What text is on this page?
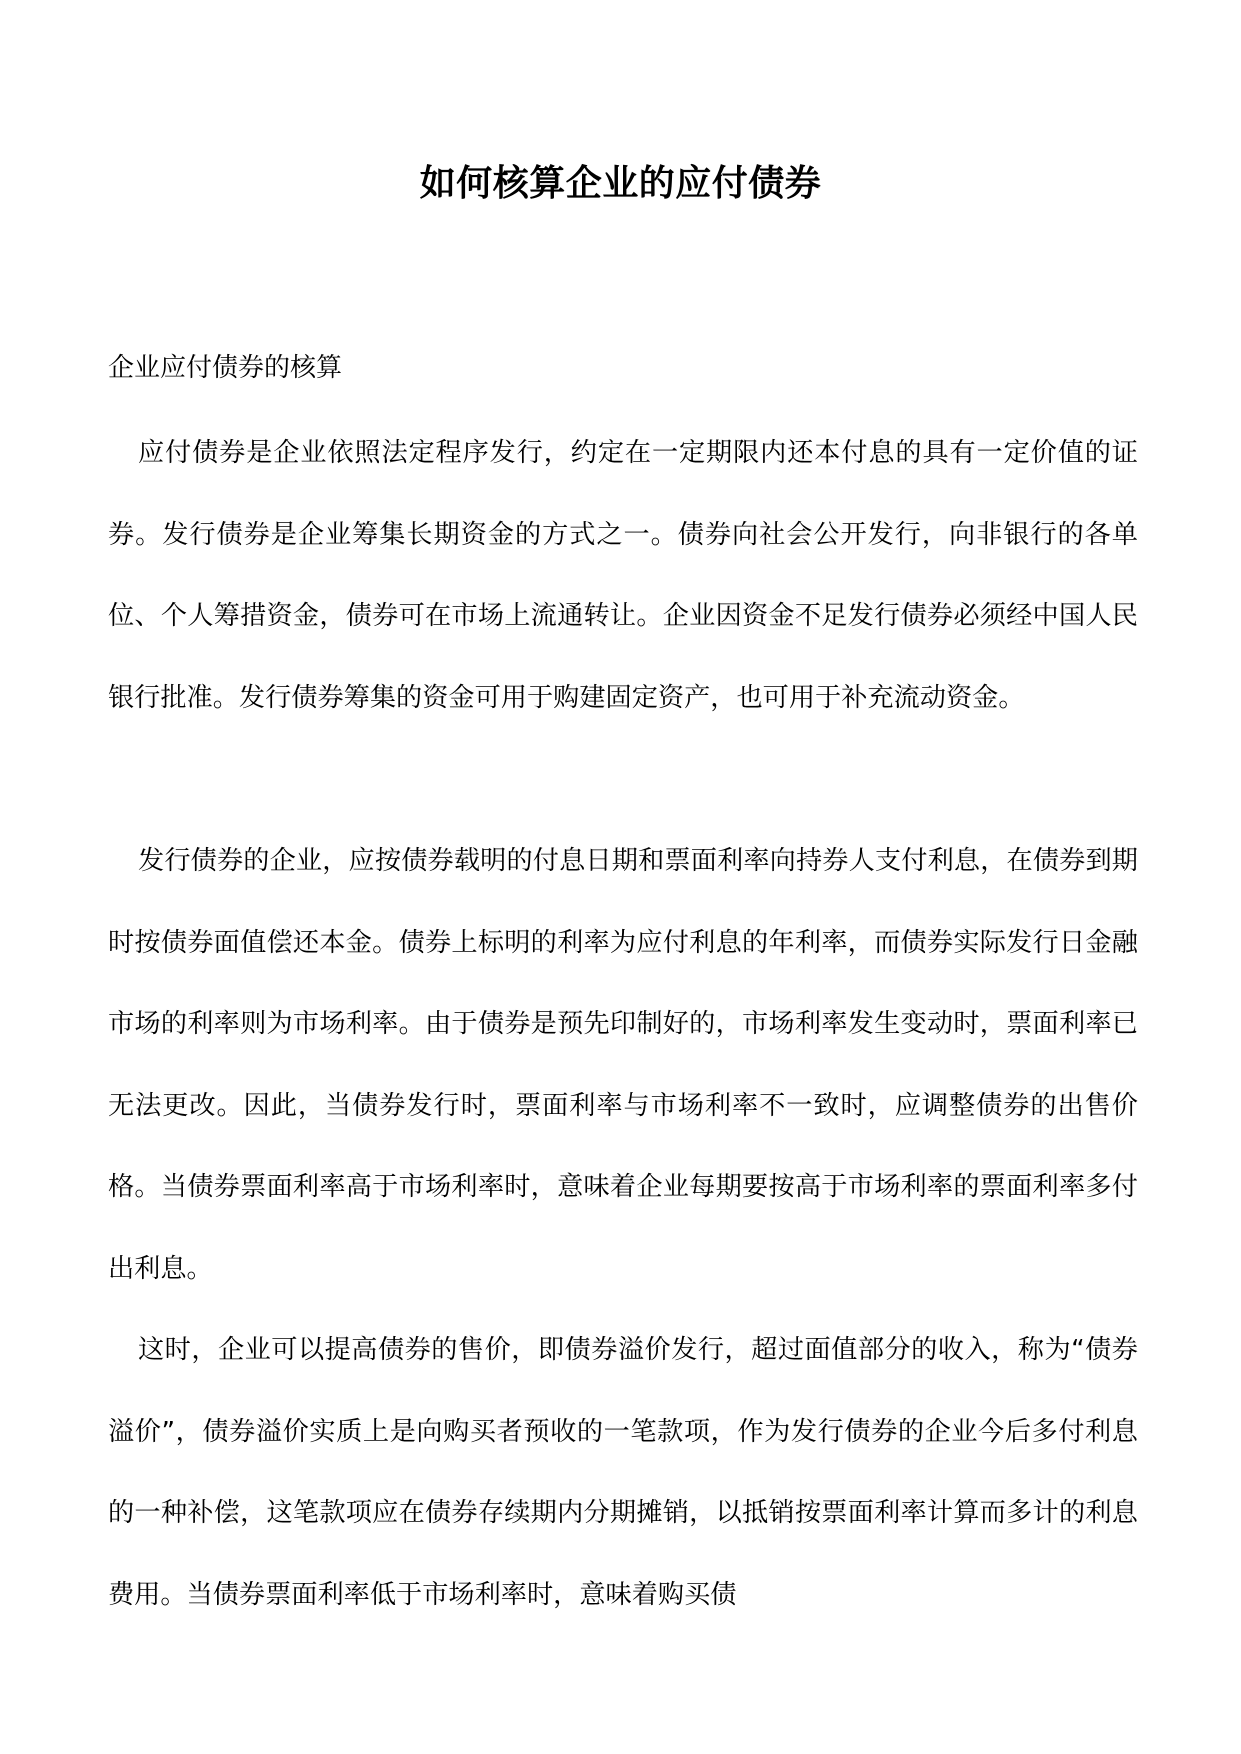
如何核算企业的应付债券

企业应付债券的核算

应付债券是企业依照法定程序发行，约定在一定期限内还本付息的具有一定价值的证券。发行债券是企业筹集长期资金的方式之一。债券向社会公开发行，向非银行的各单位、个人筹措资金，债券可在市场上流通转让。企业因资金不足发行债券必须经中国人民银行批准。发行债券筹集的资金可用于购建固定资产，也可用于补充流动资金。

发行债券的企业，应按债券载明的付息日期和票面利率向持券人支付利息，在债券到期时按债券面值偿还本金。债券上标明的利率为应付利息的年利率，而债券实际发行日金融市场的利率则为市场利率。由于债券是预先印制好的，市场利率发生变动时，票面利率已无法更改。因此，当债券发行时，票面利率与市场利率不一致时，应调整债券的出售价格。当债券票面利率高于市场利率时，意味着企业每期要按高于市场利率的票面利率多付出利息。

这时，企业可以提高债券的售价，即债券溢价发行，超过面值部分的收入，称为“债券溢价”，债券溢价实质上是向购买者预收的一笔款项，作为发行债券的企业今后多付利息的一种补偿，这笔款项应在债券存续期内分期摊销，以抵销按票面利率计算而多计的利息费用。当债券票面利率低于市场利率时，意味着购买债
